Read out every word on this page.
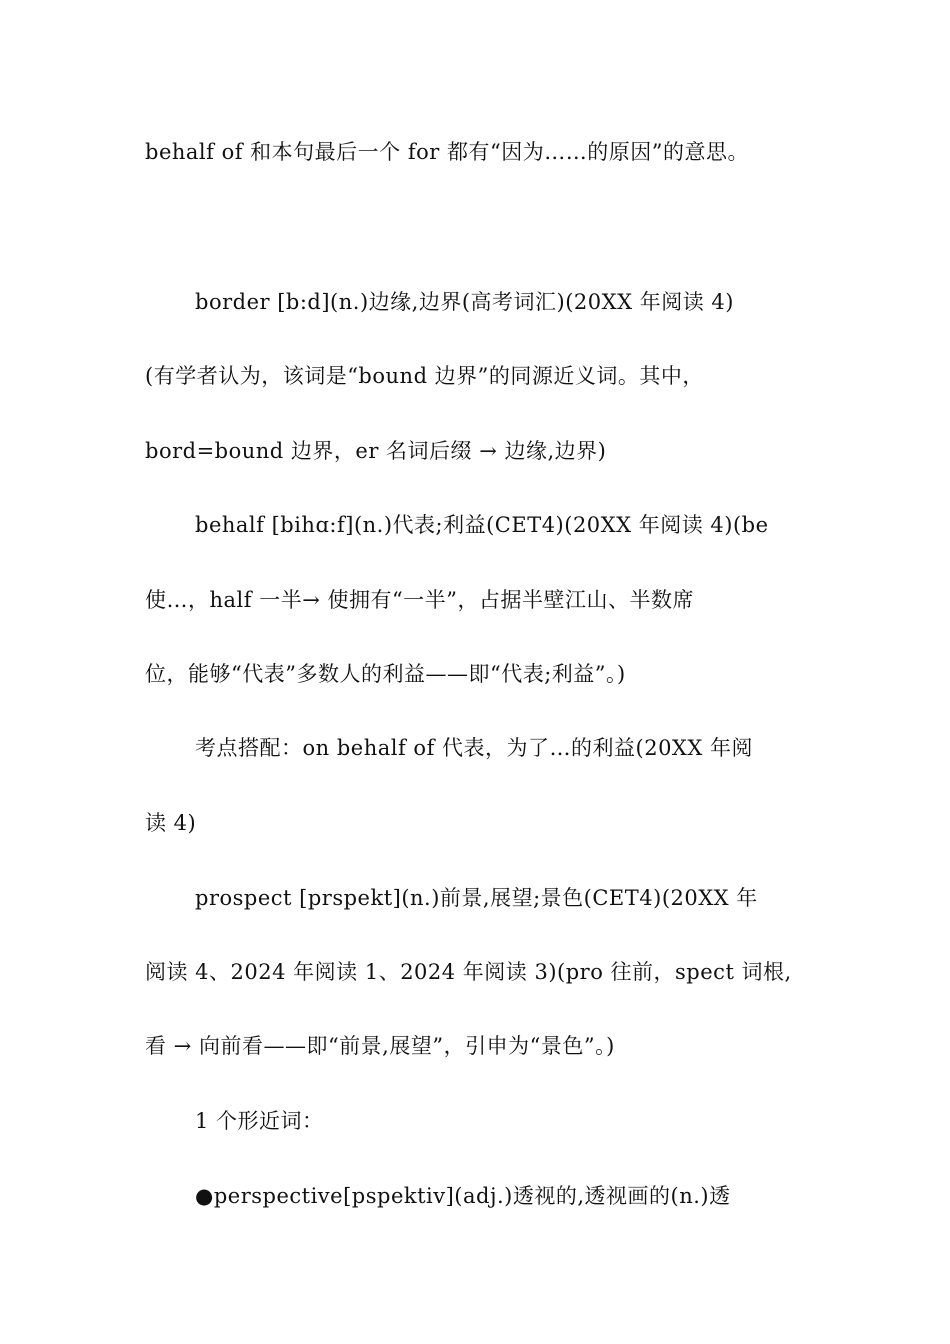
behalf of 和本句最后一个 for 都有“因为……的原因”的意思。
border [b:d](n.)边缘,边界(高考词汇)(20XX 年阅读 4)
(有学者认为，该词是“bound 边界”的同源近义词。其中，
bord=bound 边界，er 名词后缀 → 边缘,边界)
behalf [bihɑ:f](n.)代表;利益(CET4)(20XX 年阅读 4)(be
使…，half 一半→ 使拥有“一半”，占据半壁江山、半数席
位，能够“代表”多数人的利益——即“代表;利益”。)
考点搭配：on behalf of 代表，为了…的利益(20XX 年阅
读 4)
prospect [prspekt](n.)前景,展望;景色(CET4)(20XX 年
阅读 4、2024 年阅读 1、2024 年阅读 3)(pro 往前，spect 词根,
看 → 向前看——即“前景,展望”，引申为“景色”。)
1 个形近词：
●perspective[pspektiv](adj.)透视的,透视画的(n.)透
